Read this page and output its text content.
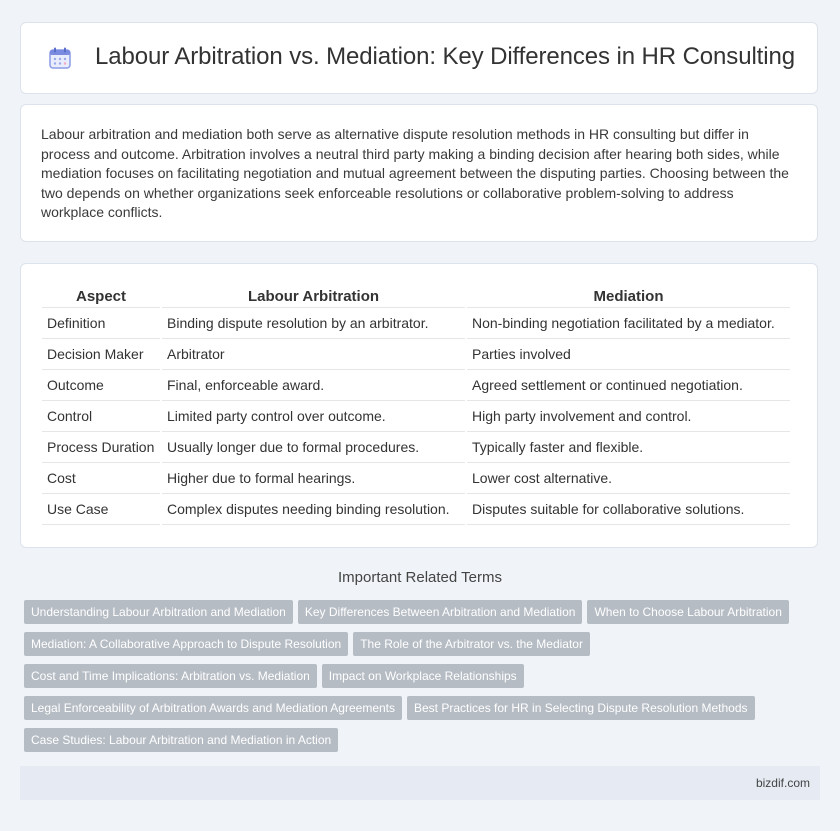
Labour Arbitration vs. Mediation: Key Differences in HR Consulting

Labour arbitration and mediation both serve as alternative dispute resolution methods in HR consulting but differ in process and outcome. Arbitration involves a neutral third party making a binding decision after hearing both sides, while mediation focuses on facilitating negotiation and mutual agreement between the disputing parties. Choosing between the two depends on whether organizations seek enforceable resolutions or collaborative problem-solving to address workplace conflicts.

Aspect	Labour Arbitration	Mediation
Definition	Binding dispute resolution by an arbitrator.	Non-binding negotiation facilitated by a mediator.
Decision Maker	Arbitrator	Parties involved
Outcome	Final, enforceable award.	Agreed settlement or continued negotiation.
Control	Limited party control over outcome.	High party involvement and control.
Process Duration	Usually longer due to formal procedures.	Typically faster and flexible.
Cost	Higher due to formal hearings.	Lower cost alternative.
Use Case	Complex disputes needing binding resolution.	Disputes suitable for collaborative solutions.
Important Related Terms
Understanding Labour Arbitration and Mediation Key Differences Between Arbitration and Mediation When to Choose Labour Arbitration
Mediation: A Collaborative Approach to Dispute Resolution The Role of the Arbitrator vs. the Mediator
Cost and Time Implications: Arbitration vs. Mediation Impact on Workplace Relationships
Legal Enforceability of Arbitration Awards and Mediation Agreements Best Practices for HR in Selecting Dispute Resolution Methods
Case Studies: Labour Arbitration and Mediation in Action
bizdif.com
